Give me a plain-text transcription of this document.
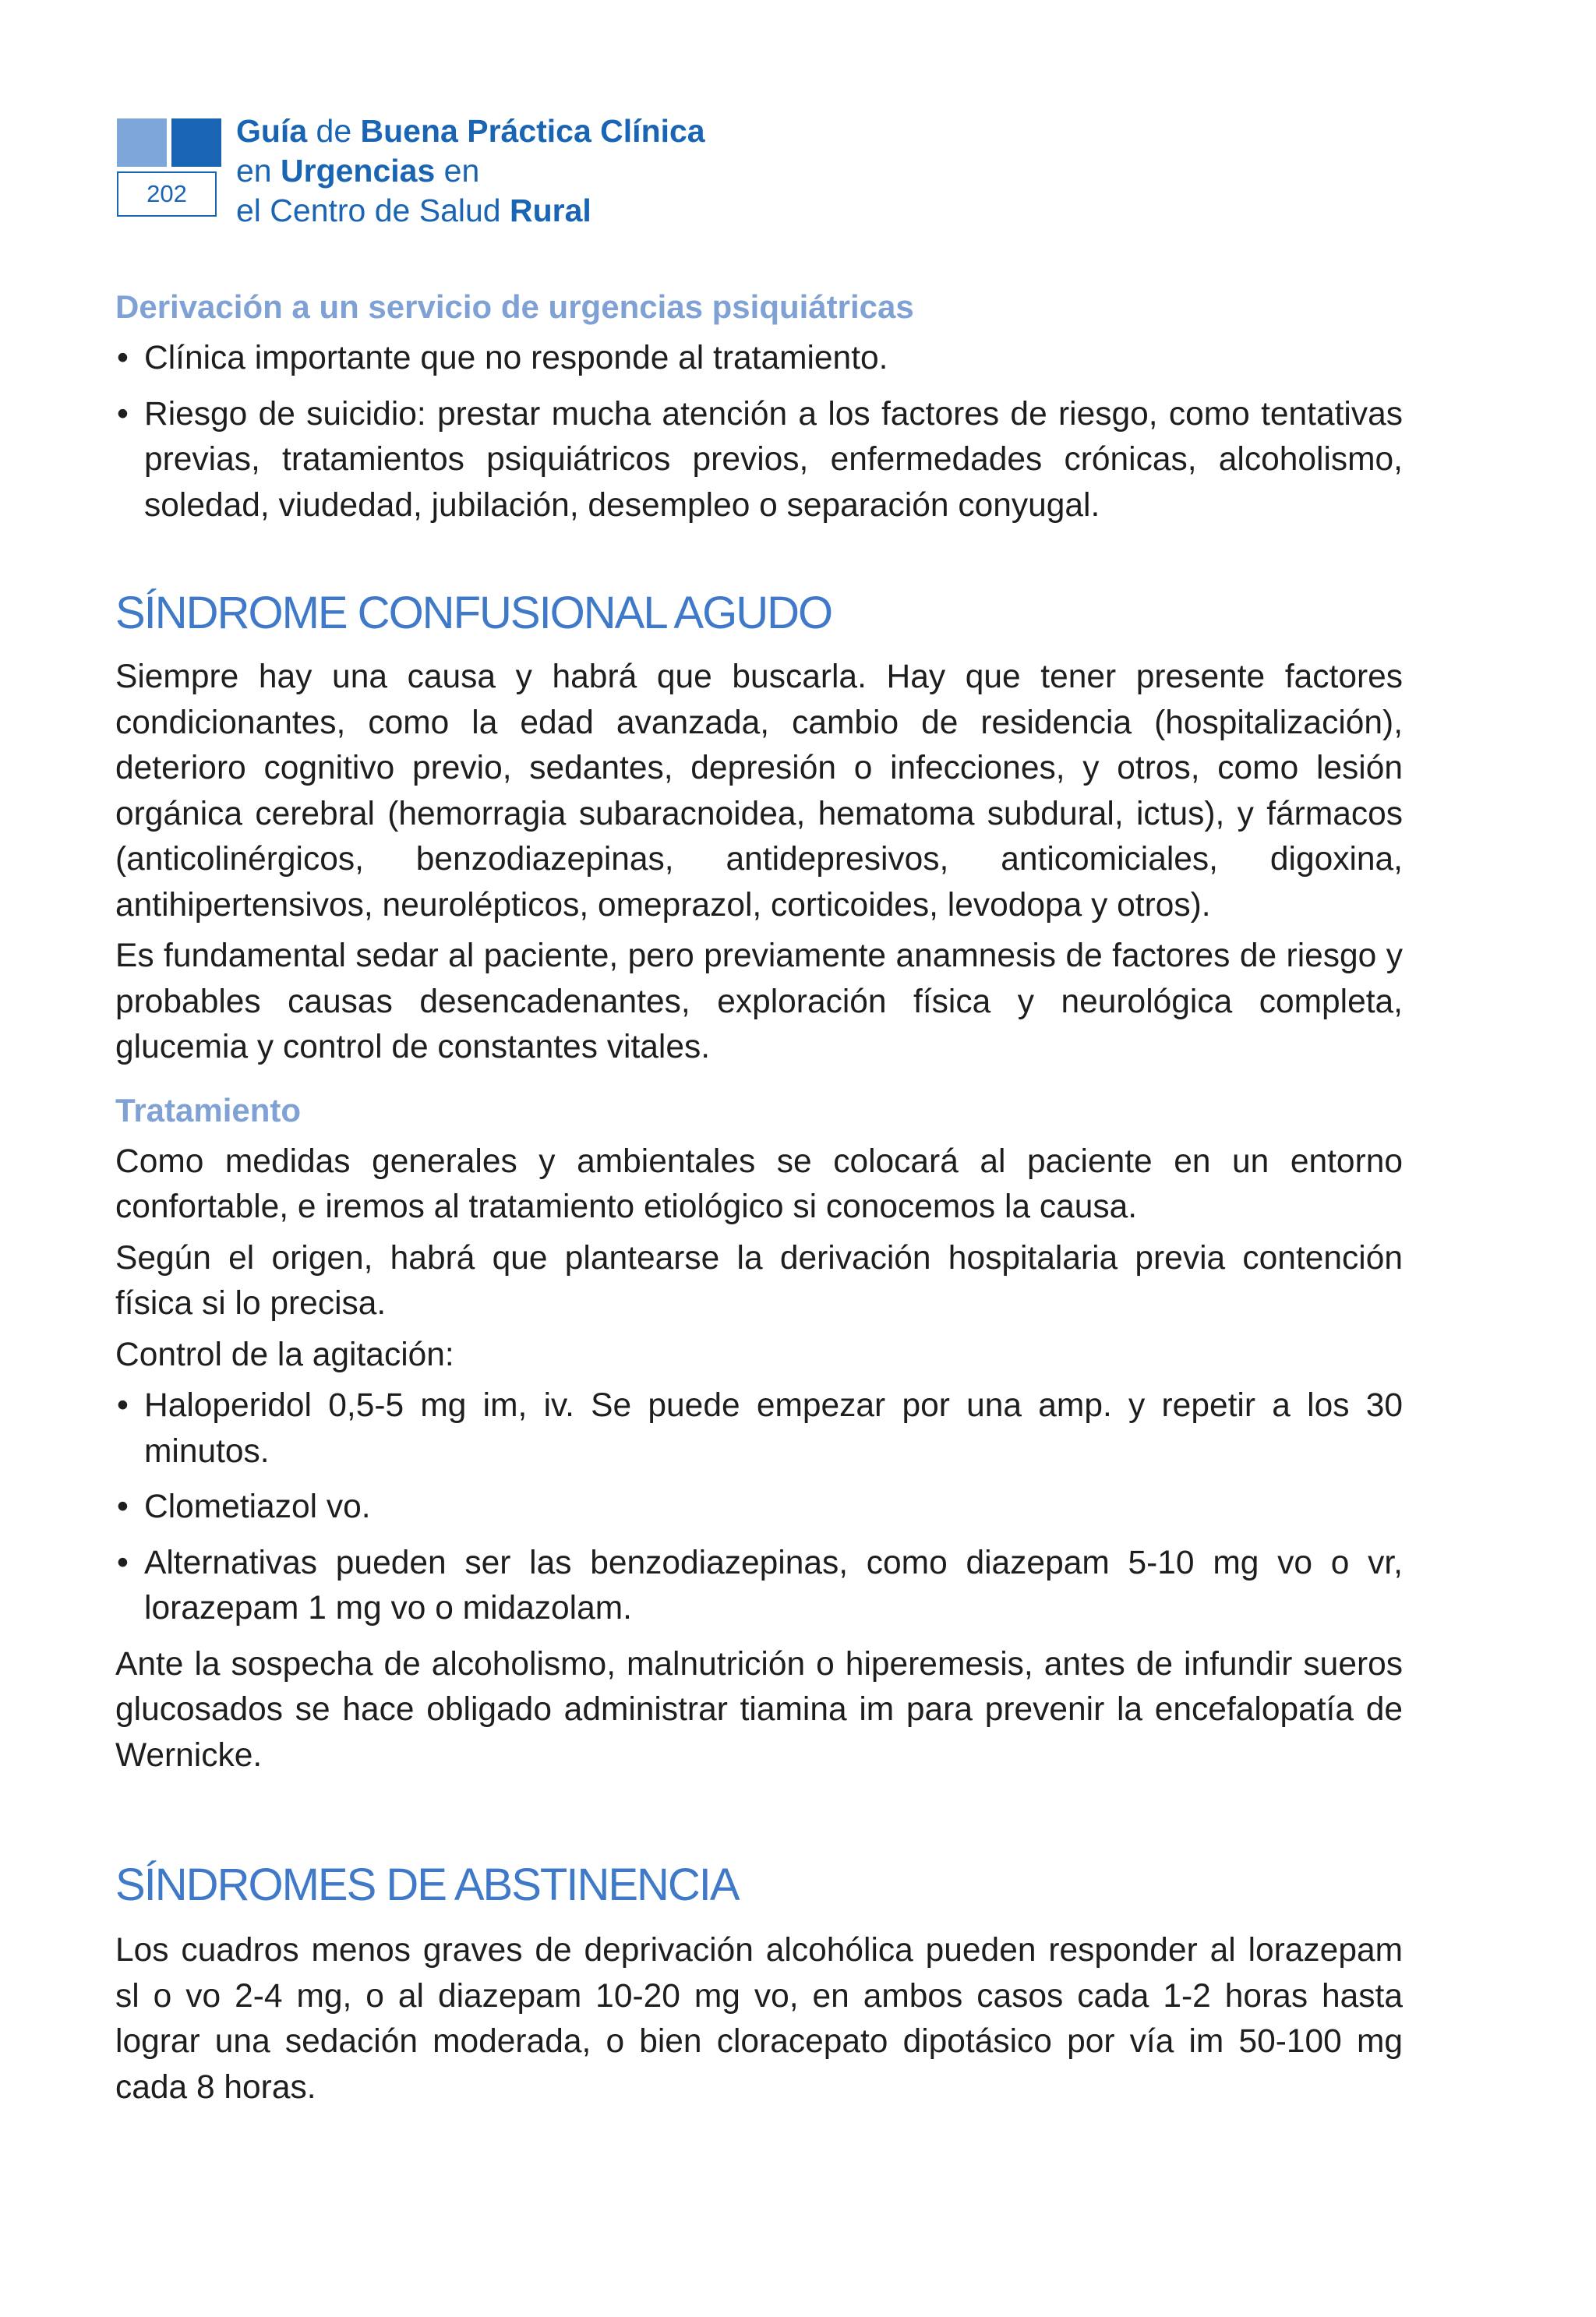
202
Guía de Buena Práctica Clínica
en Urgencias en
el Centro de Salud Rural
Derivación a un servicio de urgencias psiquiátricas
• Clínica importante que no responde al tratamiento.
• Riesgo de suicidio: prestar mucha atención a los factores de riesgo, como tentativas previas, tratamientos psiquiátricos previos, enfermedades crónicas, alcoholismo, soledad, viudedad, jubilación, desempleo o separación conyugal.
SÍNDROME CONFUSIONAL AGUDO

Siempre hay una causa y habrá que buscarla. Hay que tener presente factores condicionantes, como la edad avanzada, cambio de residencia (hospitalización), deterioro cognitivo previo, sedantes, depresión o infecciones, y otros, como lesión orgánica cerebral (hemorragia subaracnoidea, hematoma subdural, ictus), y fármacos (anticolinérgicos, benzodiazepinas, antidepresivos, anticomiciales, digoxina, antihipertensivos, neurolépticos, omeprazol, corticoides, levodopa y otros).

Es fundamental sedar al paciente, pero previamente anamnesis de factores de riesgo y probables causas desencadenantes, exploración física y neurológica completa, glucemia y control de constantes vitales.

Tratamiento

Como medidas generales y ambientales se colocará al paciente en un entorno confortable, e iremos al tratamiento etiológico si conocemos la causa.

Según el origen, habrá que plantearse la derivación hospitalaria previa contención física si lo precisa.

Control de la agitación:

• Haloperidol 0,5-5 mg im, iv. Se puede empezar por una amp. y repetir a los 30 minutos.
• Clometiazol vo.
• Alternativas pueden ser las benzodiazepinas, como diazepam 5-10 mg vo o vr, lorazepam 1 mg vo o midazolam.

Ante la sospecha de alcoholismo, malnutrición o hiperemesis, antes de infundir sueros glucosados se hace obligado administrar tiamina im para prevenir la encefalopatía de Wernicke.

SÍNDROMES DE ABSTINENCIA

Los cuadros menos graves de deprivación alcohólica pueden responder al lorazepam sl o vo 2-4 mg, o al diazepam 10-20 mg vo, en ambos casos cada 1-2 horas hasta lograr una sedación moderada, o bien cloracepato dipotásico por vía im 50-100 mg cada 8 horas.
